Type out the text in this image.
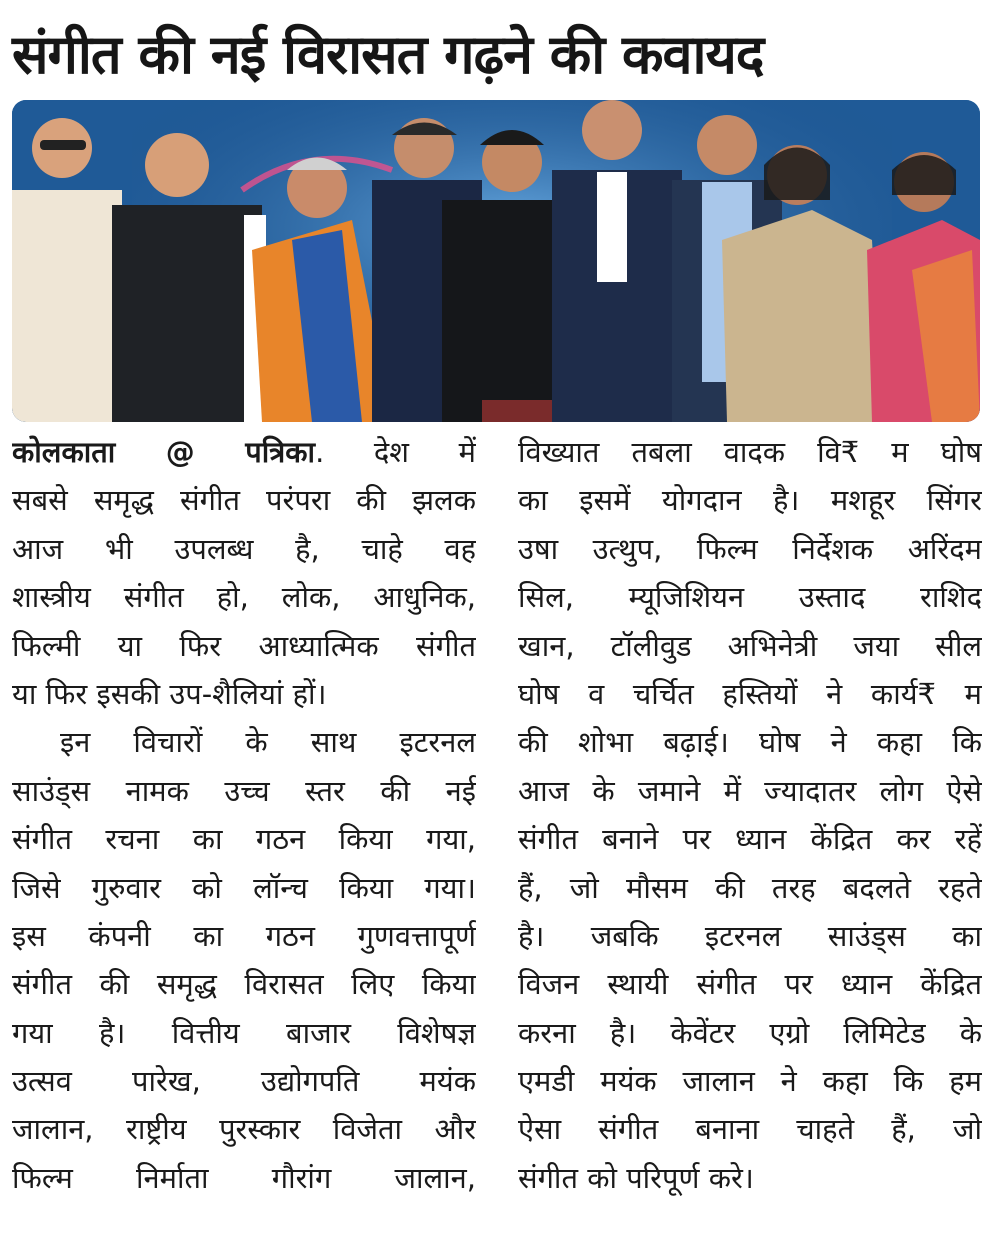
संगीत की नई विरासत गढ़ने की कवायद
कोलकाता @ पत्रिका. देश में
सबसे समृद्ध संगीत परंपरा की झलक
आज भी उपलब्ध है, चाहे वह
शास्त्रीय संगीत हो, लोक, आधुनिक,
फिल्मी या फिर आध्यात्मिक संगीत
या फिर इसकी उप-शैलियां हों।
इन विचारों के साथ इटरनल
साउंड्स नामक उच्च स्तर की नई
संगीत रचना का गठन किया गया,
जिसे गुरुवार को लॉन्च किया गया।
इस कंपनी का गठन गुणवत्तापूर्ण
संगीत की समृद्ध विरासत लिए किया
गया है। वित्तीय बाजार विशेषज्ञ
उत्सव पारेख, उद्योगपति मयंक
जालान, राष्ट्रीय पुरस्कार विजेता और
फिल्म निर्माता गौरांग जालान,
विख्यात तबला वादक वि₹ म घोष
का इसमें योगदान है। मशहूर सिंगर
उषा उत्थुप, फिल्म निर्देशक अरिंदम
सिल, म्यूजिशियन उस्ताद राशिद
खान, टॉलीवुड अभिनेत्री जया सील
घोष व चर्चित हस्तियों ने कार्य₹ म
की शोभा बढ़ाई। घोष ने कहा कि
आज के जमाने में ज्यादातर लोग ऐसे
संगीत बनाने पर ध्यान केंद्रित कर रहें
हैं, जो मौसम की तरह बदलते रहते
है। जबकि इटरनल साउंड्स का
विजन स्थायी संगीत पर ध्यान केंद्रित
करना है। केवेंटर एग्रो लिमिटेड के
एमडी मयंक जालान ने कहा कि हम
ऐसा संगीत बनाना चाहते हैं, जो
संगीत को परिपूर्ण करे।
